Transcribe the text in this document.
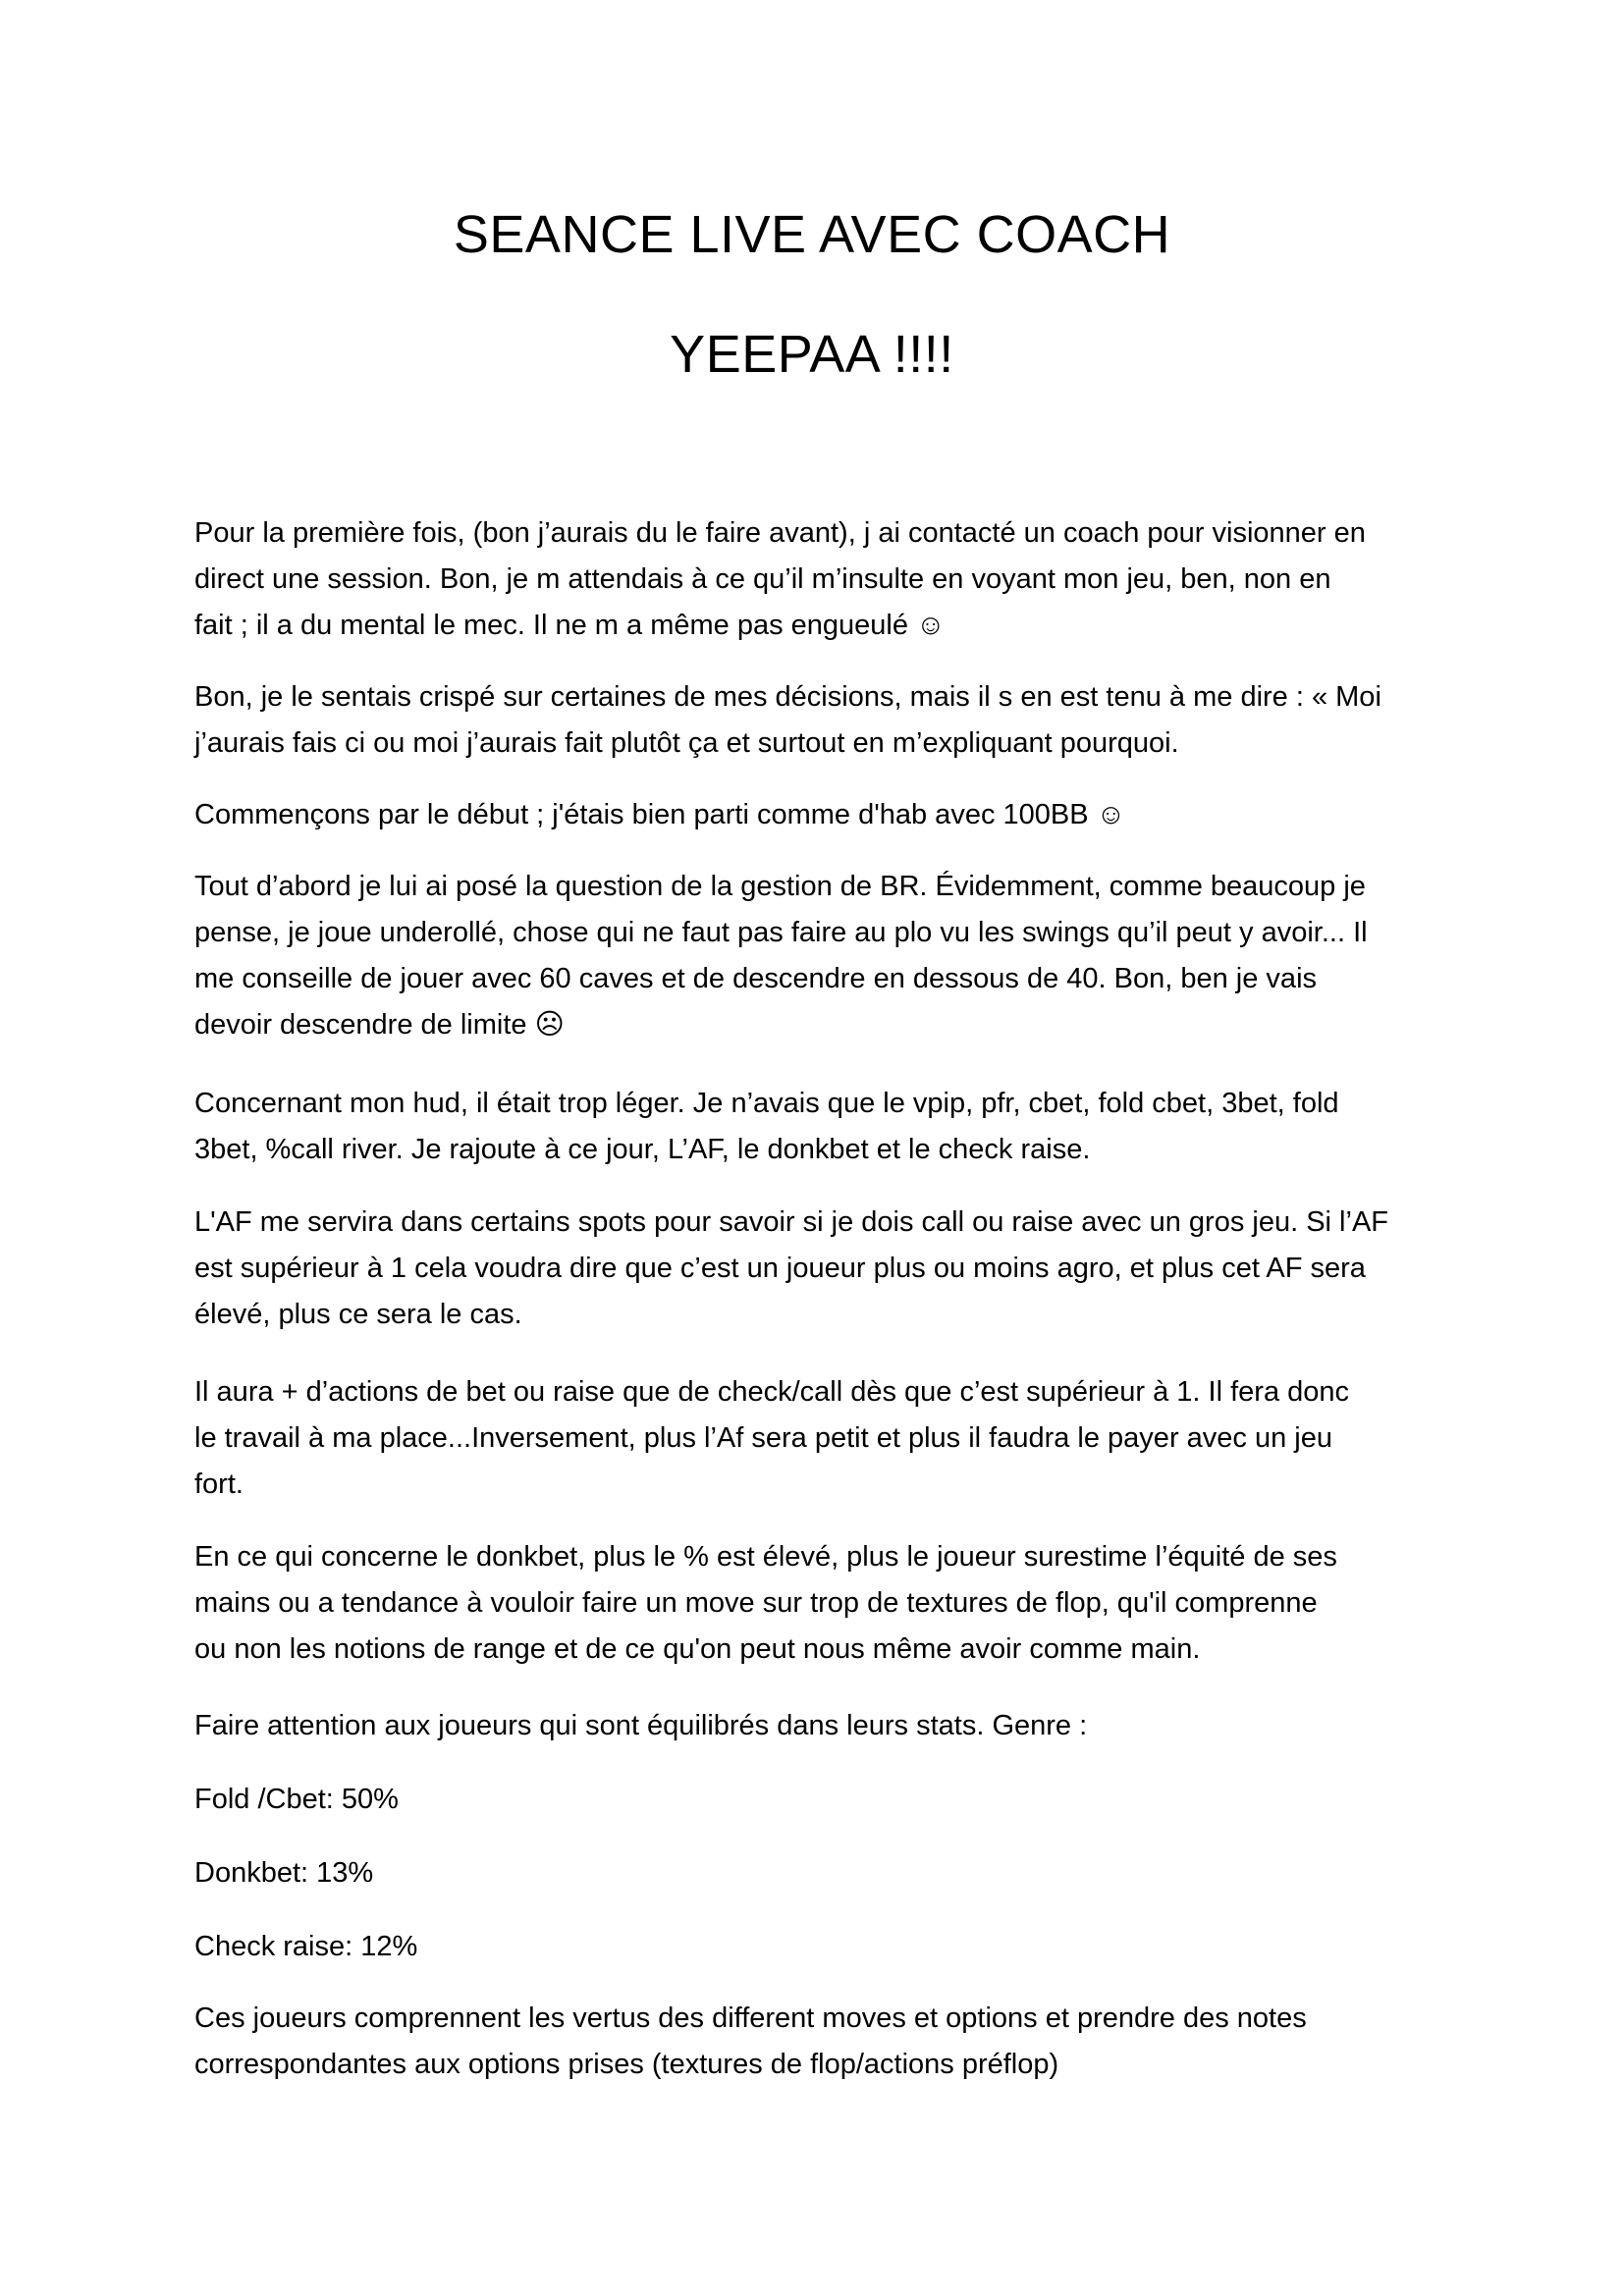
SEANCE LIVE AVEC COACH
YEEPAA !!!!

Pour la première fois, (bon j’aurais du le faire avant), j ai contacté un coach pour visionner en
direct une session. Bon, je m attendais à ce qu’il m’insulte en voyant mon jeu, ben, non en
fait ; il a du mental le mec. Il ne m a même pas engueulé ☺

Bon, je le sentais crispé sur certaines de mes décisions, mais il s en est tenu à me dire : « Moi
j’aurais fais ci ou moi j’aurais fait plutôt ça et surtout en m’expliquant pourquoi.

Commençons par le début ; j'étais bien parti comme d'hab avec 100BB ☺

Tout d’abord je lui ai posé la question de la gestion de BR. Évidemment, comme beaucoup je
pense, je joue underollé, chose qui ne faut pas faire au plo vu les swings qu’il peut y avoir... Il
me conseille de jouer avec 60 caves et de descendre en dessous de 40. Bon, ben je vais
devoir descendre de limite ☹

Concernant mon hud, il était trop léger. Je n’avais que le vpip, pfr, cbet, fold cbet, 3bet, fold
3bet, %call river. Je rajoute à ce jour, L’AF, le donkbet et le check raise.

L'AF me servira dans certains spots pour savoir si je dois call ou raise avec un gros jeu. Si l’AF
est supérieur à 1 cela voudra dire que c’est un joueur plus ou moins agro, et plus cet AF sera
élevé, plus ce sera le cas.

Il aura + d’actions de bet ou raise que de check/call dès que c’est supérieur à 1. Il fera donc
le travail à ma place...Inversement, plus l’Af sera petit et plus il faudra le payer avec un jeu
fort.

En ce qui concerne le donkbet, plus le % est élevé, plus le joueur surestime l’équité de ses
mains ou a tendance à vouloir faire un move sur trop de textures de flop, qu'il comprenne
ou non les notions de range et de ce qu'on peut nous même avoir comme main.

Faire attention aux joueurs qui sont équilibrés dans leurs stats. Genre :

Fold /Cbet: 50%

Donkbet: 13%

Check raise: 12%

Ces joueurs comprennent les vertus des different moves et options et prendre des notes
correspondantes aux options prises (textures de flop/actions préflop)
